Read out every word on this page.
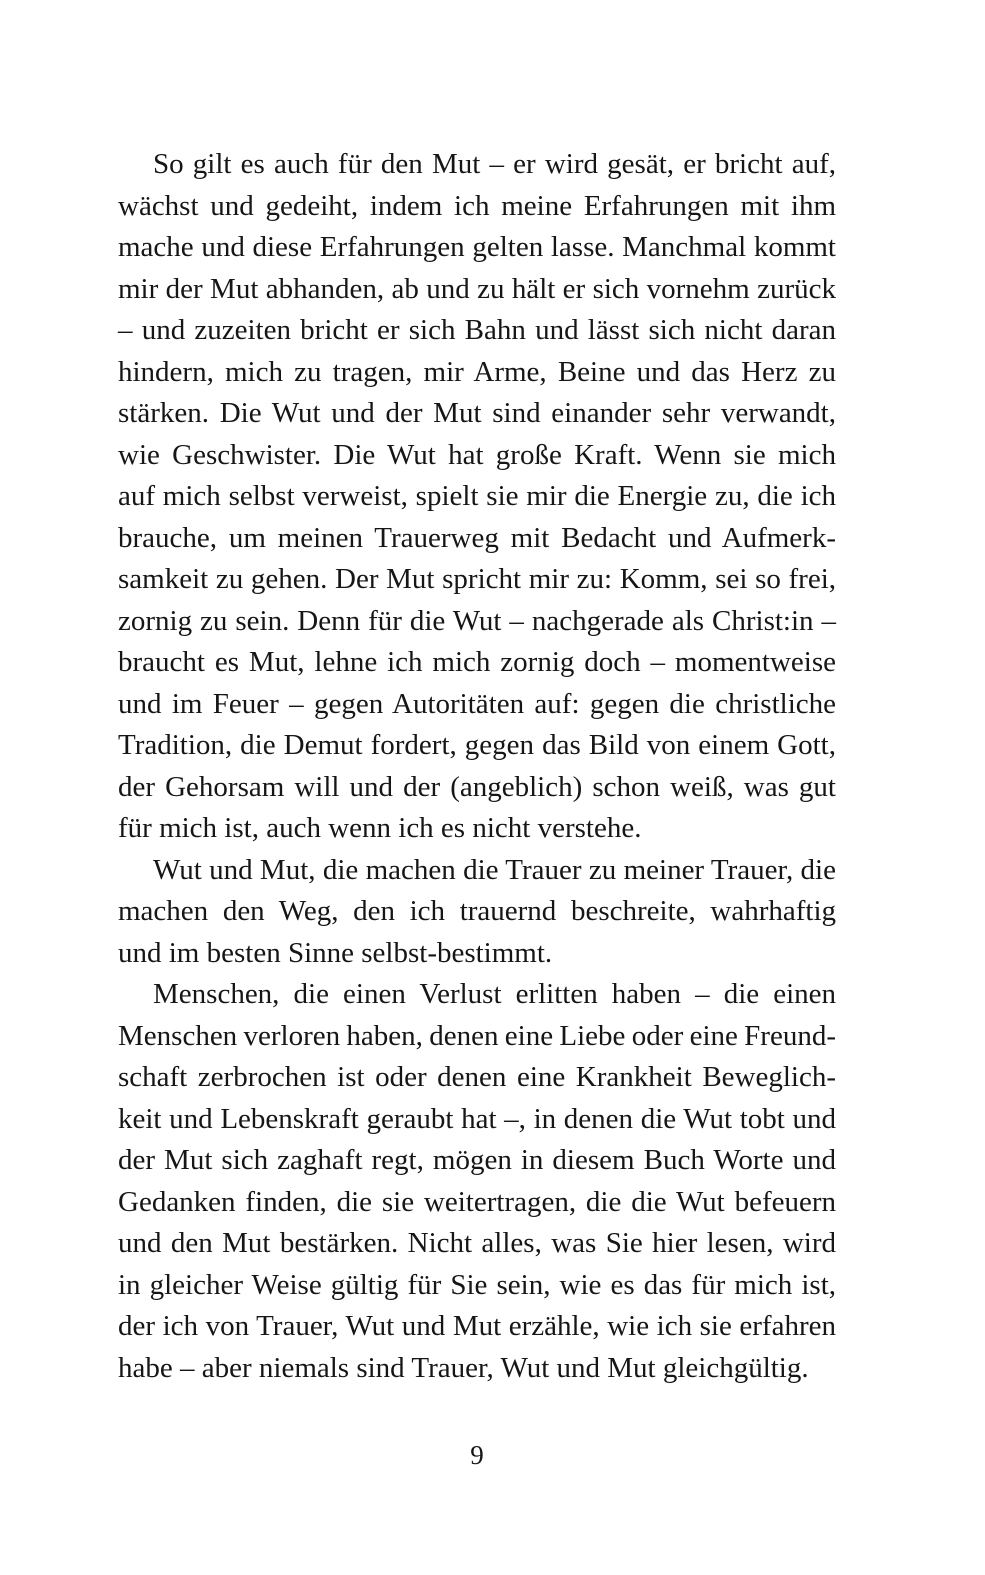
So gilt es auch für den Mut – er wird gesät, er bricht auf,
wächst und gedeiht, indem ich meine Erfahrungen mit ihm
mache und diese Erfahrungen gelten lasse. Manchmal kommt
mir der Mut abhanden, ab und zu hält er sich vornehm zurück
– und zuzeiten bricht er sich Bahn und lässt sich nicht daran
hindern, mich zu tragen, mir Arme, Beine und das Herz zu
stärken. Die Wut und der Mut sind einander sehr verwandt,
wie Geschwister. Die Wut hat große Kraft. Wenn sie mich
auf mich selbst verweist, spielt sie mir die Energie zu, die ich
brauche, um meinen Trauerweg mit Bedacht und Aufmerk-
samkeit zu gehen. Der Mut spricht mir zu: Komm, sei so frei,
zornig zu sein. Denn für die Wut – nachgerade als Christ:in –
braucht es Mut, lehne ich mich zornig doch – momentweise
und im Feuer – gegen Autoritäten auf: gegen die christliche
Tradition, die Demut fordert, gegen das Bild von einem Gott,
der Gehorsam will und der (angeblich) schon weiß, was gut
für mich ist, auch wenn ich es nicht verstehe.
Wut und Mut, die machen die Trauer zu meiner Trauer, die
machen den Weg, den ich trauernd beschreite, wahrhaftig
und im besten Sinne selbst-bestimmt.
Menschen, die einen Verlust erlitten haben – die einen
Menschen verloren haben, denen eine Liebe oder eine Freund-
schaft zerbrochen ist oder denen eine Krankheit Beweglich-
keit und Lebenskraft geraubt hat –, in denen die Wut tobt und
der Mut sich zaghaft regt, mögen in diesem Buch Worte und
Gedanken finden, die sie weitertragen, die die Wut befeuern
und den Mut bestärken. Nicht alles, was Sie hier lesen, wird
in gleicher Weise gültig für Sie sein, wie es das für mich ist,
der ich von Trauer, Wut und Mut erzähle, wie ich sie erfahren
habe – aber niemals sind Trauer, Wut und Mut gleichgültig.
9
